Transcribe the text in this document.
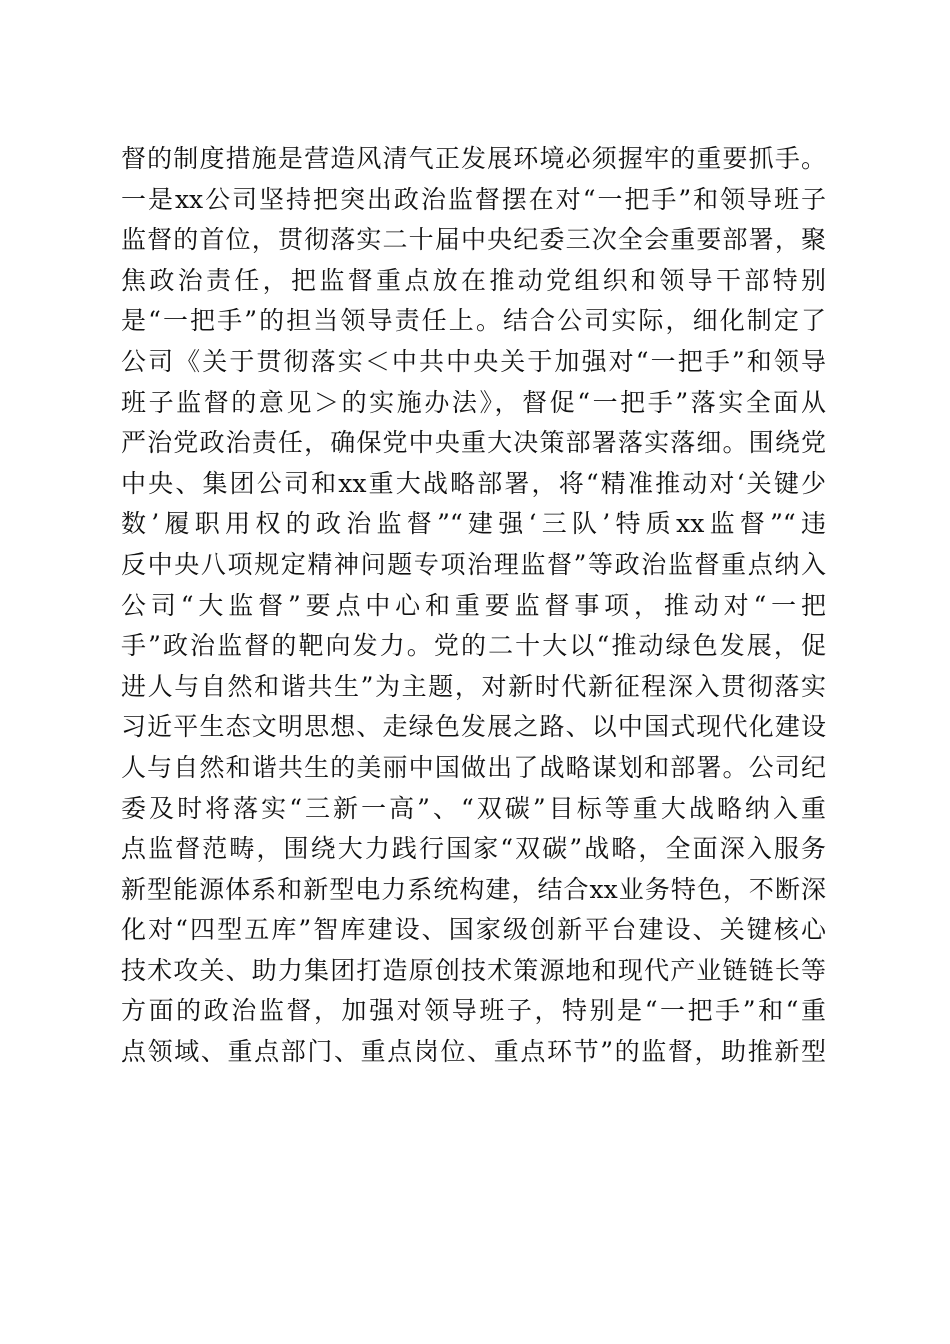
督的制度措施是营造风清气正发展环境必须握牢的重要抓手。
一是xx公司坚持把突出政治监督摆在对“一把手”和领导班子
监督的首位，贯彻落实二十届中央纪委三次全会重要部署，聚
焦政治责任，把监督重点放在推动党组织和领导干部特别
是“一把手”的担当领导责任上。结合公司实际，细化制定了
公司《关于贯彻落实＜中共中央关于加强对“一把手”和领导
班子监督的意见＞的实施办法》，督促“一把手”落实全面从
严治党政治责任，确保党中央重大决策部署落实落细。围绕党
中央、集团公司和xx重大战略部署，将“精准推动对‘关键少
数’履职用权的政治监督”“建强‘三队’特质xx监督”“违
反中央八项规定精神问题专项治理监督”等政治监督重点纳入
公司“大监督”要点中心和重要监督事项，推动对“一把
手”政治监督的靶向发力。党的二十大以“推动绿色发展，促
进人与自然和谐共生”为主题，对新时代新征程深入贯彻落实
习近平生态文明思想、走绿色发展之路、以中国式现代化建设
人与自然和谐共生的美丽中国做出了战略谋划和部署。公司纪
委及时将落实“三新一高”、“双碳”目标等重大战略纳入重
点监督范畴，围绕大力践行国家“双碳”战略，全面深入服务
新型能源体系和新型电力系统构建，结合xx业务特色，不断深
化对“四型五库”智库建设、国家级创新平台建设、关键核心
技术攻关、助力集团打造原创技术策源地和现代产业链链长等
方面的政治监督，加强对领导班子，特别是“一把手”和“重
点领域、重点部门、重点岗位、重点环节”的监督，助推新型
